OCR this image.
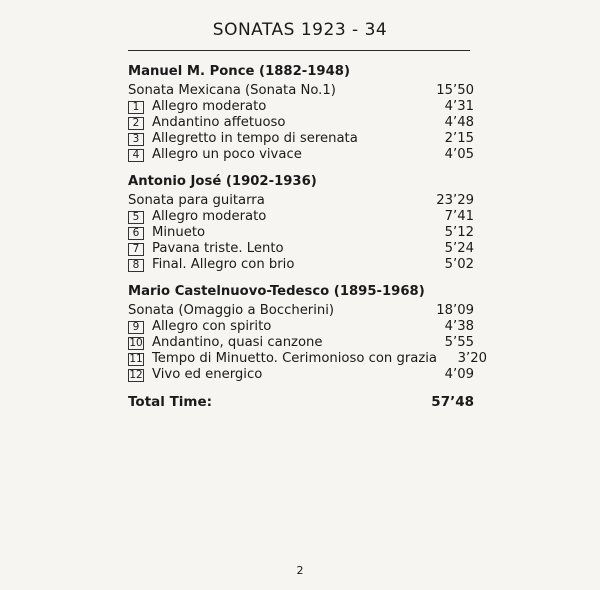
SONATAS 1923 - 34
Manuel M. Ponce (1882-1948)
Sonata Mexicana (Sonata No.1)	15’50
1 Allegro moderato	4’31
2 Andantino affetuoso	4’48
3 Allegretto in tempo di serenata	2’15
4 Allegro un poco vivace	4’05
Antonio José (1902-1936)
Sonata para guitarra	23’29
5 Allegro moderato	7’41
6 Minueto	5’12
7 Pavana triste. Lento	5’24
8 Final. Allegro con brio	5’02
Mario Castelnuovo-Tedesco (1895-1968)
Sonata (Omaggio a Boccherini)	18’09
9 Allegro con spirito	4’38
10 Andantino, quasi canzone	5’55
11 Tempo di Minuetto. Cerimonioso con grazia	3’20
12 Vivo ed energico	4’09
Total Time:	57’48
2
